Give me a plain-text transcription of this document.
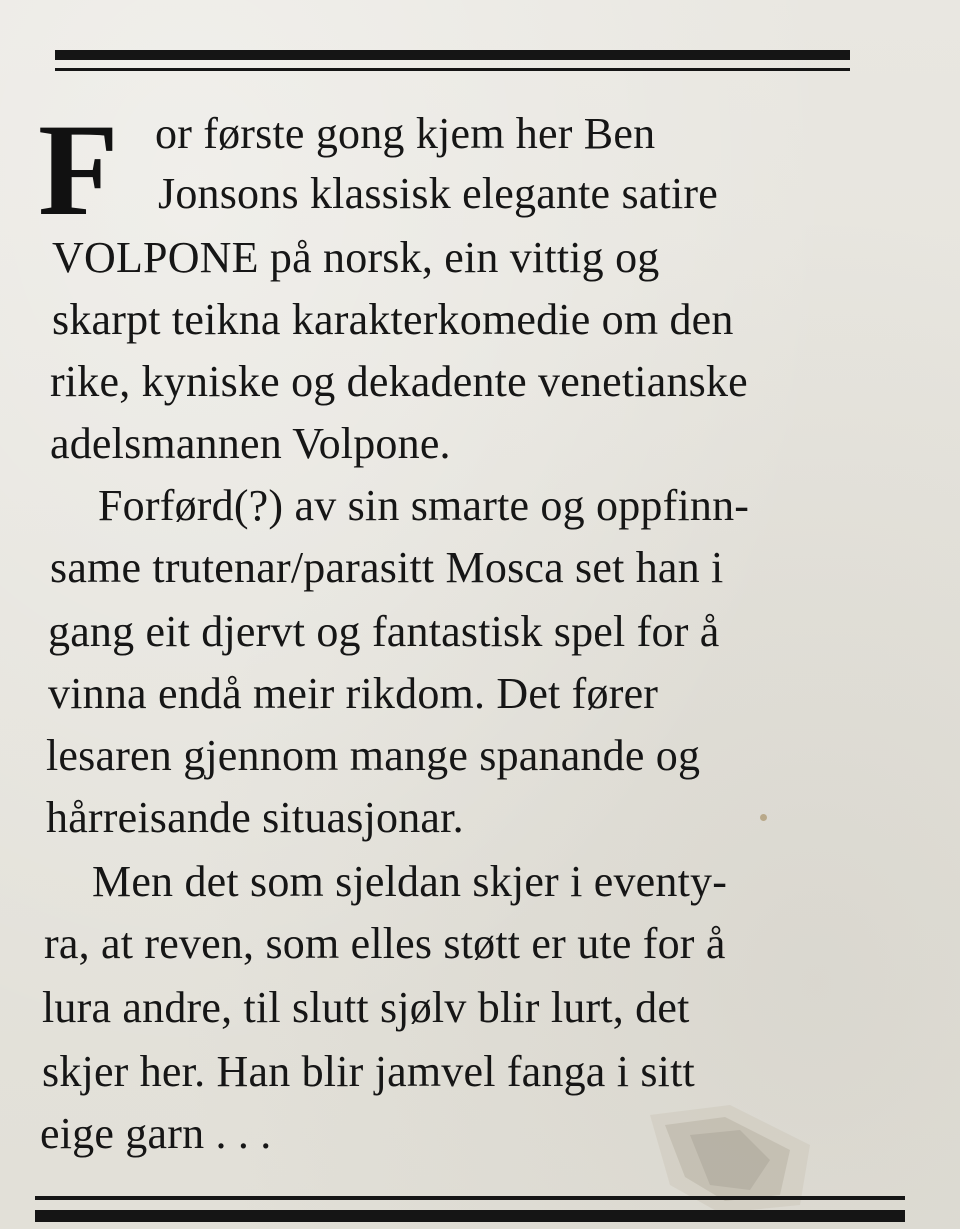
F or første gong kjem her Ben
Jonsons klassisk elegante satire
VOLPONE på norsk, ein vittig og
skarpt teikna karakterkomedie om den
rike, kyniske og dekadente venetianske
adelsmannen Volpone.
Forførd(?) av sin smarte og oppfinn-
same trutenar/parasitt Mosca set han i
gang eit djervt og fantastisk spel for å
vinna endå meir rikdom. Det fører
lesaren gjennom mange spanande og
hårreisande situasjonar.
Men det som sjeldan skjer i eventy-
ra, at reven, som elles støtt er ute for å
lura andre, til slutt sjølv blir lurt, det
skjer her. Han blir jamvel fanga i sitt
eige garn . . .
